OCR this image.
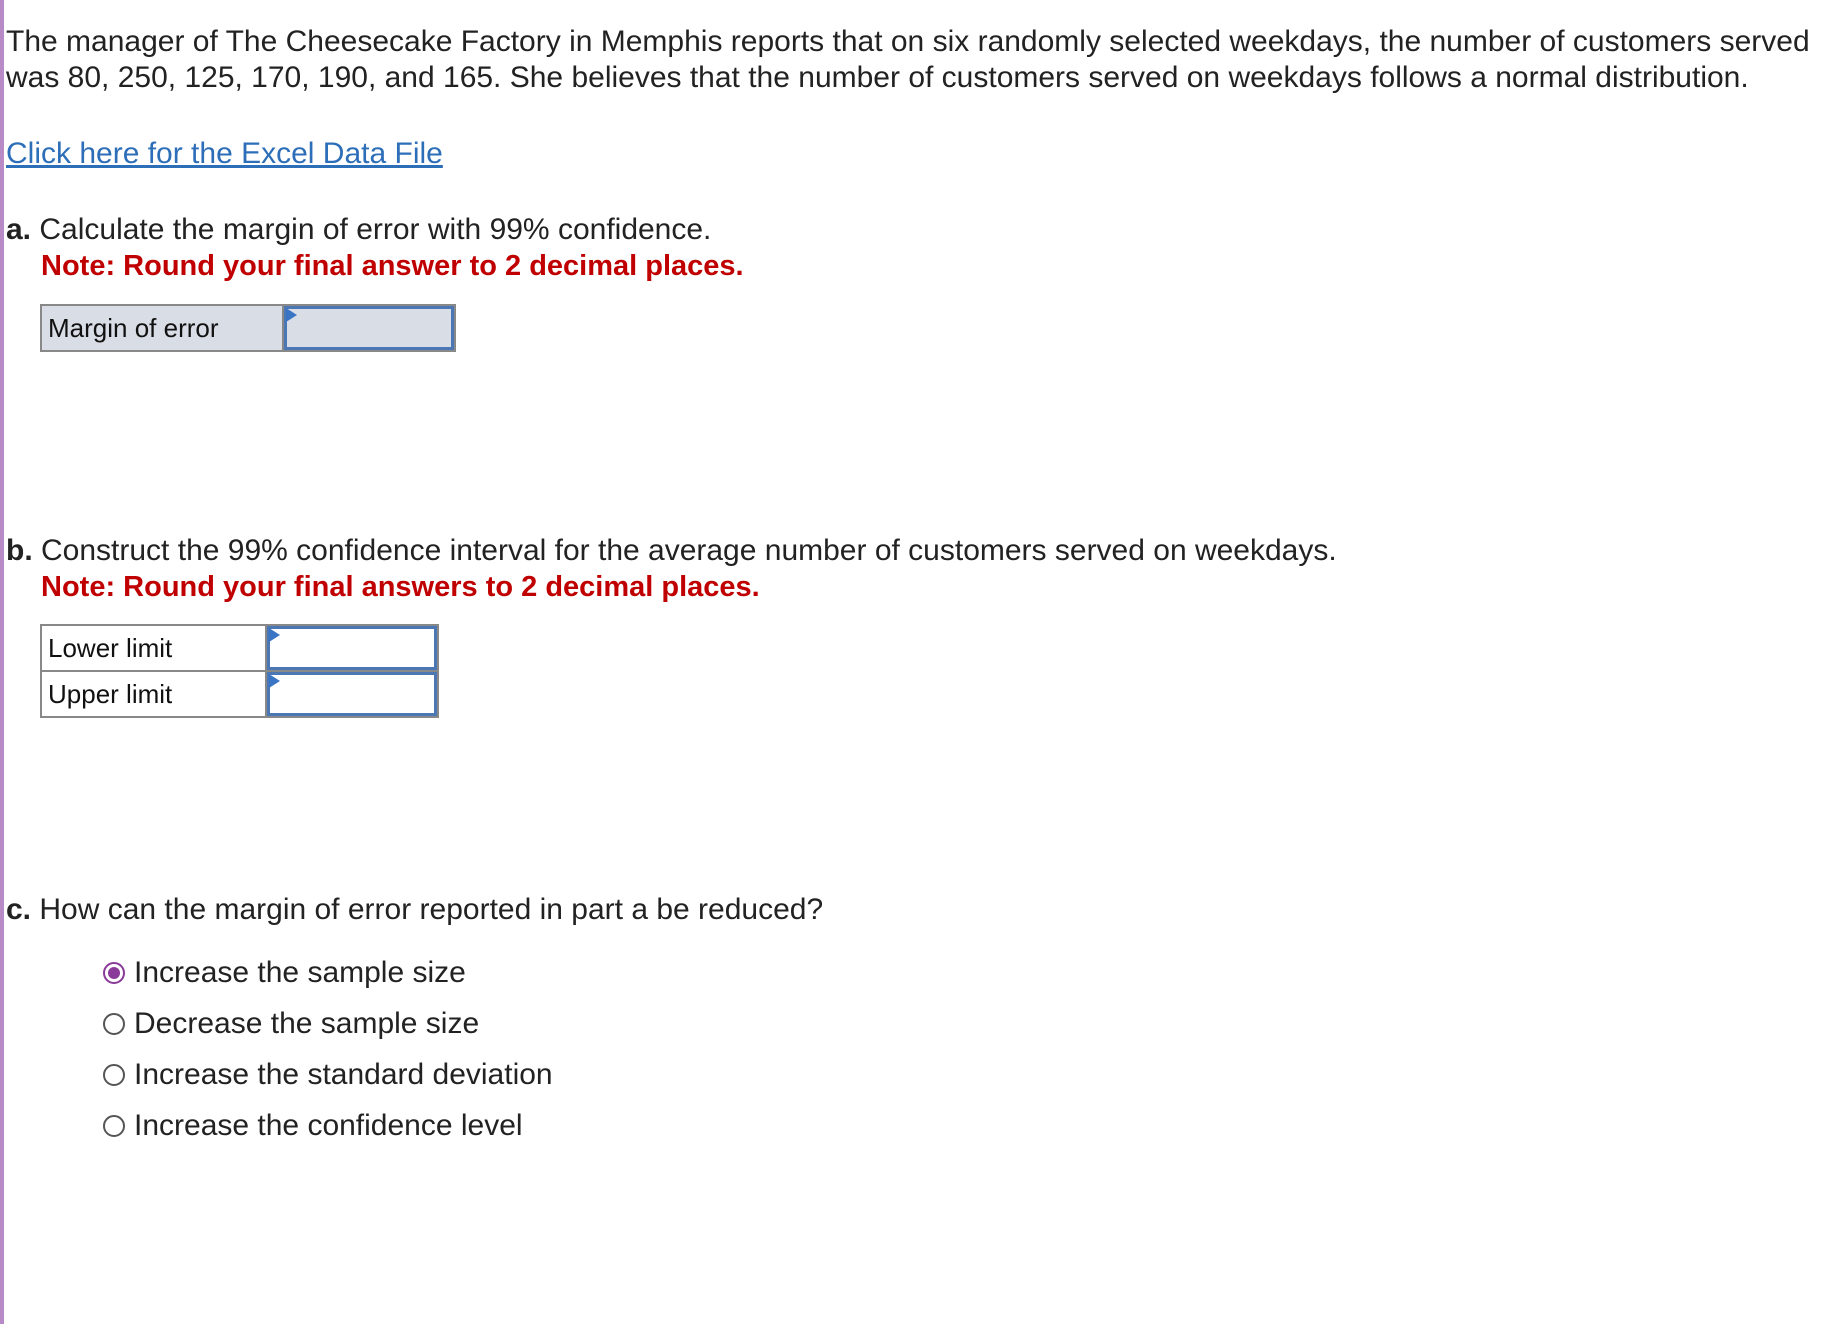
The manager of The Cheesecake Factory in Memphis reports that on six randomly selected weekdays, the number of customers served was 80, 250, 125, 170, 190, and 165. She believes that the number of customers served on weekdays follows a normal distribution.

Click here for the Excel Data File
a. Calculate the margin of error with 99% confidence.
Note: Round your final answer to 2 decimal places.
Margin of error	
b. Construct the 99% confidence interval for the average number of customers served on weekdays.
Note: Round your final answers to 2 decimal places.
Lower limit	

Upper limit	
c. How can the margin of error reported in part a be reduced?
Increase the sample size
Decrease the sample size
Increase the standard deviation
Increase the confidence level
